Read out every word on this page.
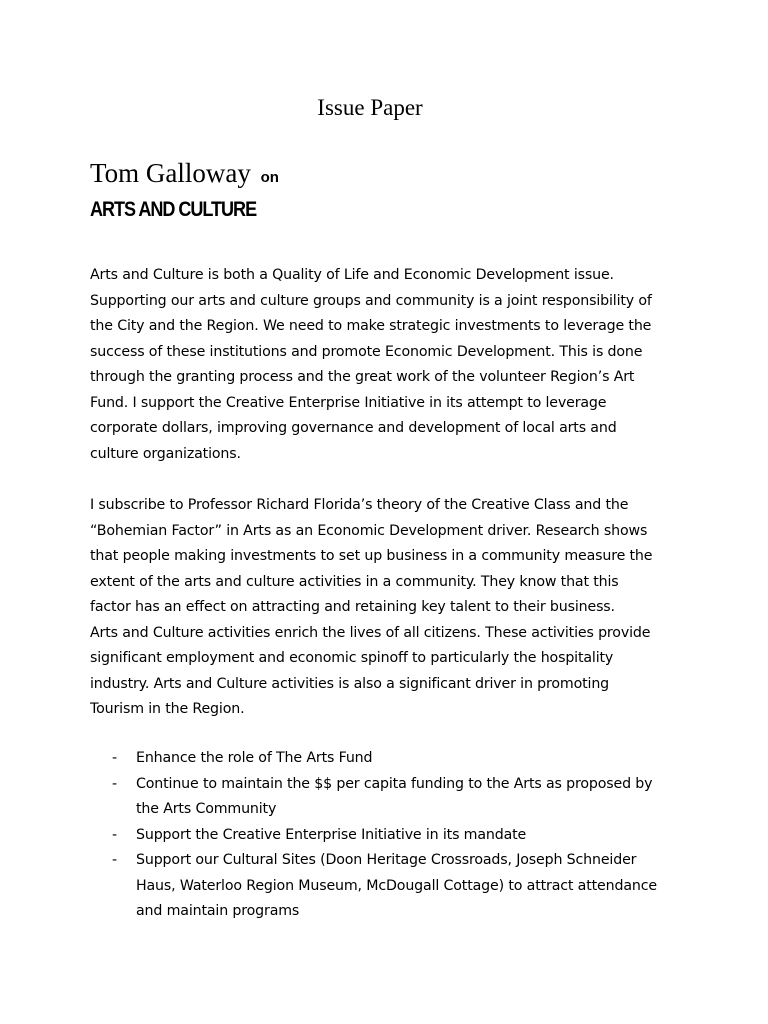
Issue Paper
Tom Galloway on
ARTS AND CULTURE
Arts and Culture is both a Quality of Life and Economic Development issue.
Supporting our arts and culture groups and community is a joint responsibility of
the City and the Region. We need to make strategic investments to leverage the
success of these institutions and promote Economic Development. This is done
through the granting process and the great work of the volunteer Region’s Art
Fund. I support the Creative Enterprise Initiative in its attempt to leverage
corporate dollars, improving governance and development of local arts and
culture organizations.
I subscribe to Professor Richard Florida’s theory of the Creative Class and the
“Bohemian Factor” in Arts as an Economic Development driver. Research shows
that people making investments to set up business in a community measure the
extent of the arts and culture activities in a community. They know that this
factor has an effect on attracting and retaining key talent to their business.
Arts and Culture activities enrich the lives of all citizens. These activities provide
significant employment and economic spinoff to particularly the hospitality
industry. Arts and Culture activities is also a significant driver in promoting
Tourism in the Region.
- Enhance the role of The Arts Fund
- Continue to maintain the $$ per capita funding to the Arts as proposed by
the Arts Community
- Support the Creative Enterprise Initiative in its mandate
- Support our Cultural Sites (Doon Heritage Crossroads, Joseph Schneider
Haus, Waterloo Region Museum, McDougall Cottage) to attract attendance
and maintain programs
